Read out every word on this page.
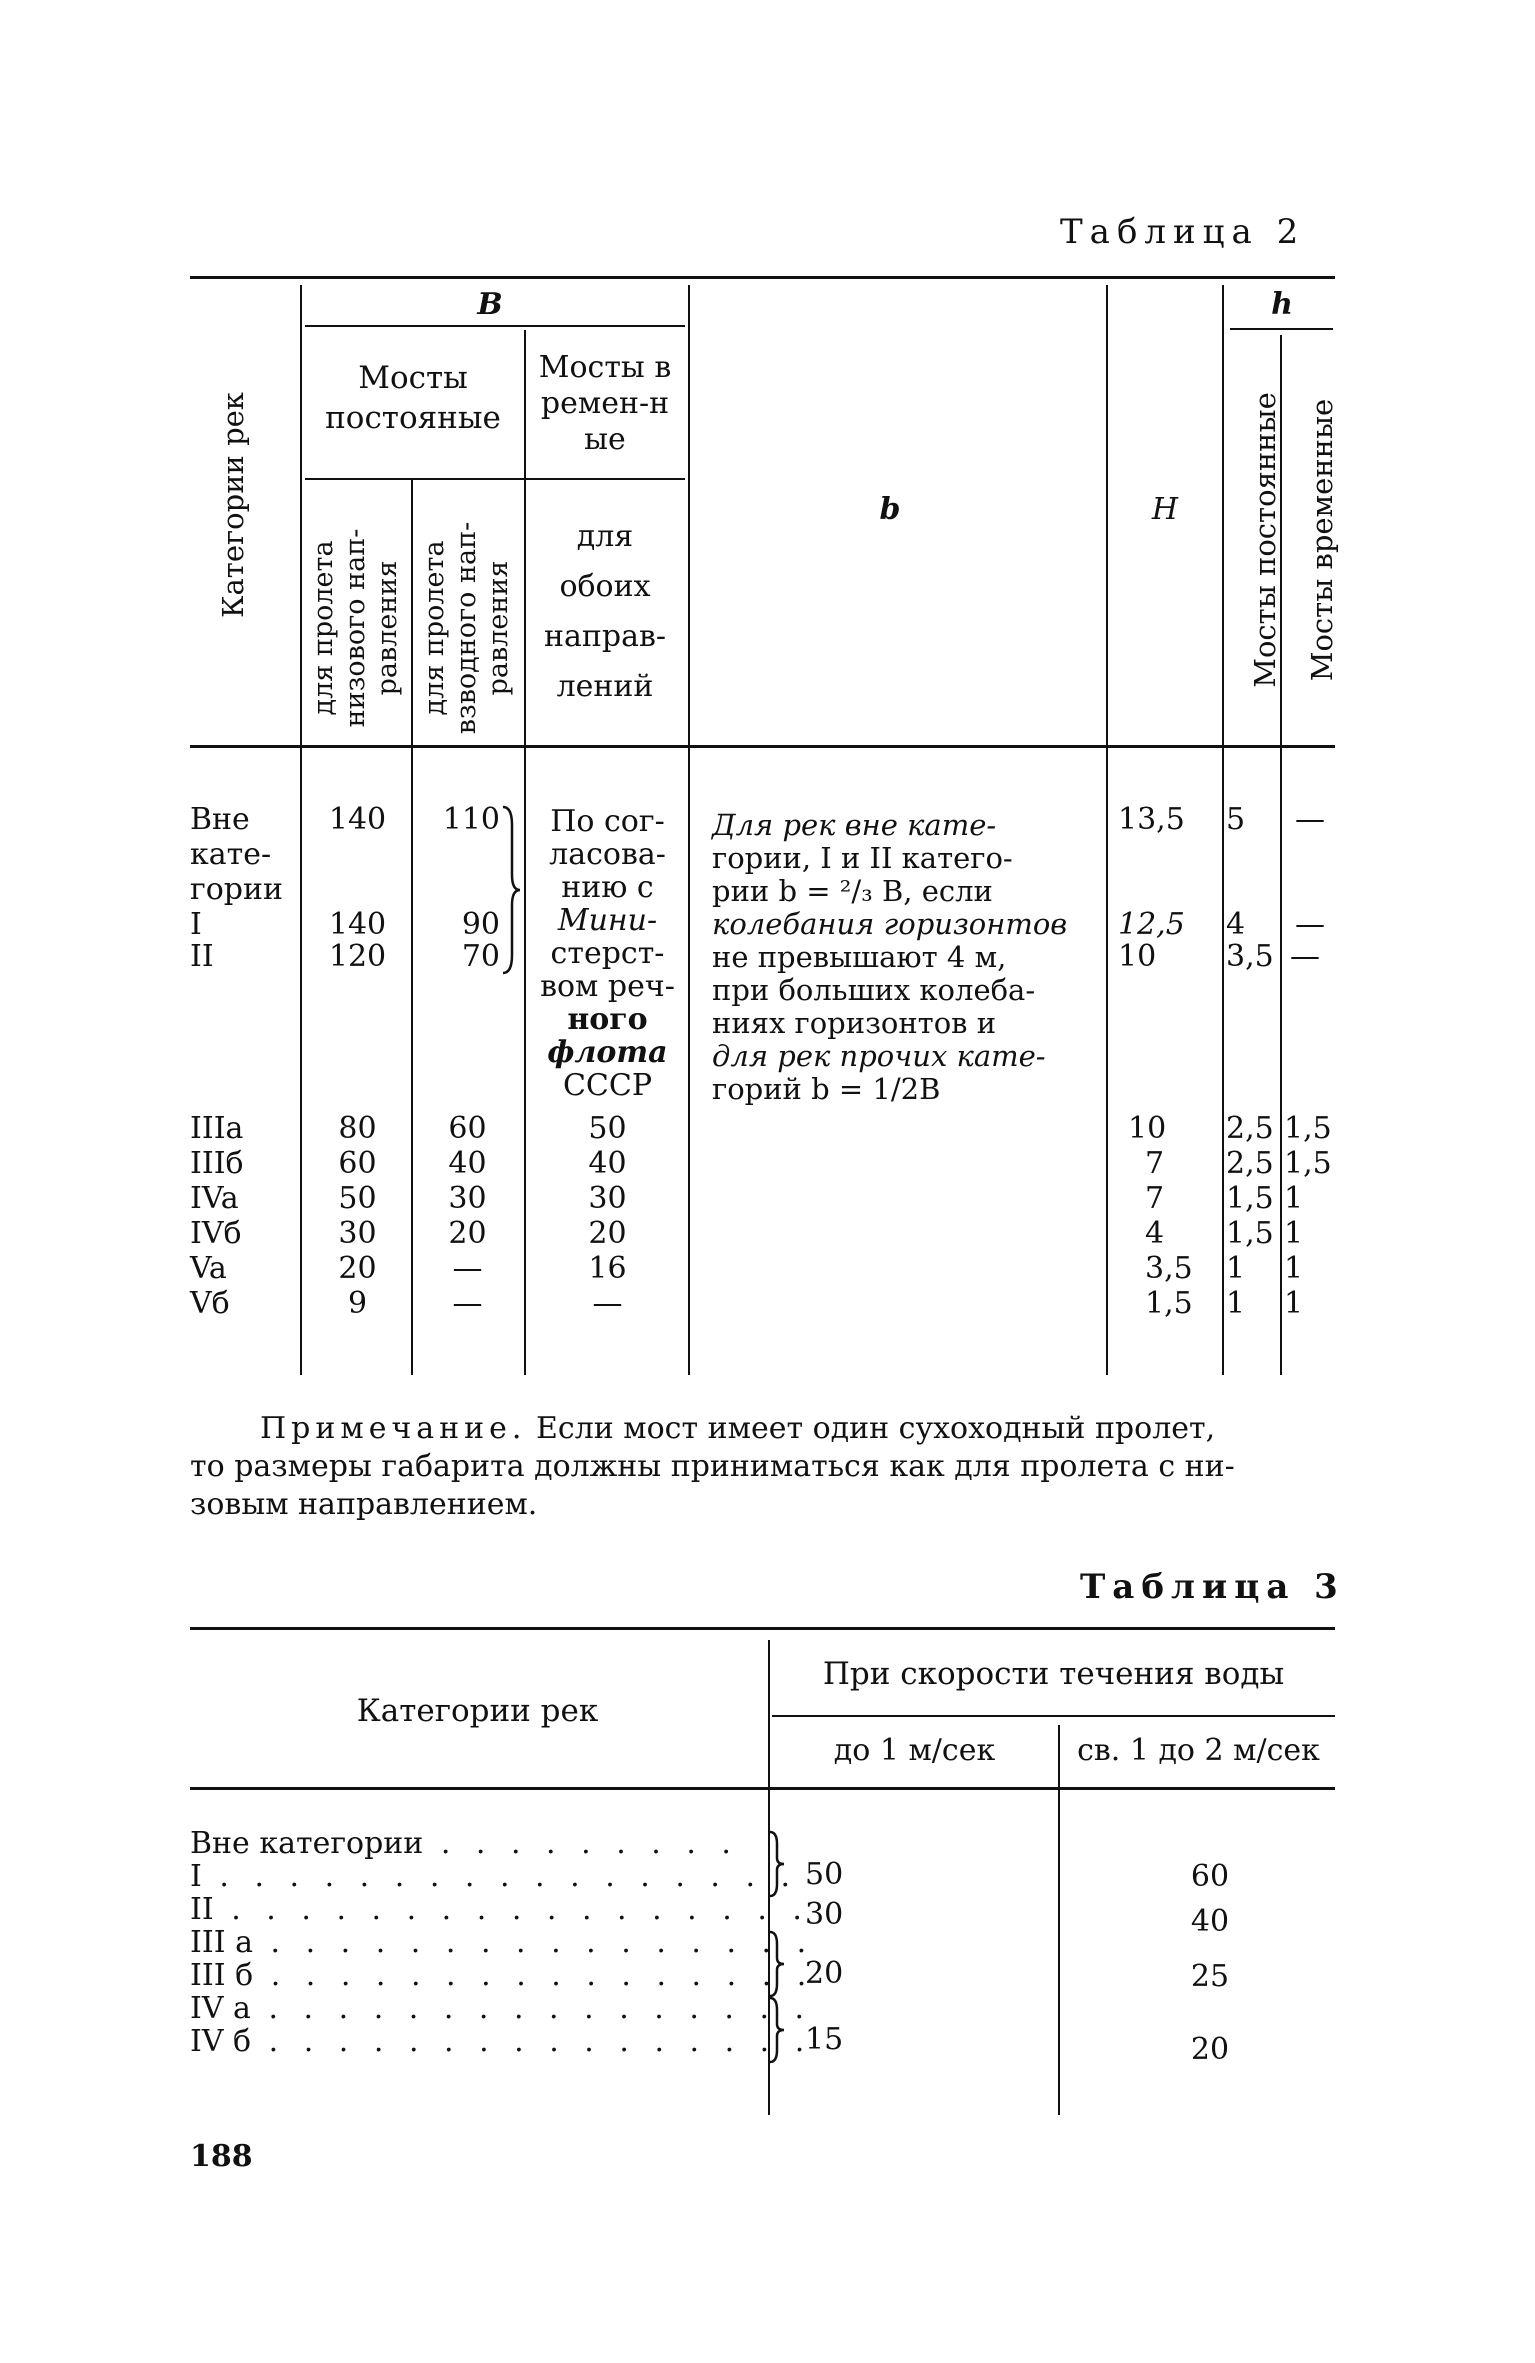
Таблица 2
Категории рек
B
Мосты постояные
Мосты времен-ные
для пролета низового нап-равления для пролета взводного нап-равления
для
обоих
направ-
лений
b	H
h
Мосты постоянные Мосты временные
Вне
кате-
гории
I
II
IIIa
IIIб
IVa
IVб
Va
Vб
140
140
120
80
60
50
30
20
9
110
90
70
60
40
30
20
—
—
По сог-
ласова-
нию с
Мини-
стерст-
вом реч-
ного
флота
СССР
50
40
30
20
16
—
Для рек вне кате-
гории, I и II катего-
рии b = ²/₃ B, если
колебания горизонтов
не превышают 4 м,
при больших колеба-
ниях горизонтов и
для рек прочих кате-
горий b = 1/2B
13,5
12,5
10
10
7
7
4
3,5
1,5
5
4
3,5
2,5
2,5
1,5
1,5
1
1
—
—
—
1,5
1,5
1
1
1
1
Примечание. Если мост имеет один сухоходный пролет,
то размеры габарита должны приниматься как для пролета с ни-
зовым направлением.
Таблица 3
Категории рек
При скорости течения воды
до 1 м/сек	св. 1 до 2 м/сек
Вне категории . . . . . . . . .
I . . . . . . . . . . . . . . . . .
II . . . . . . . . . . . . . . . . .
III а . . . . . . . . . . . . . . . .
III б . . . . . . . . . . . . . . . .
IV а . . . . . . . . . . . . . . . .
IV б . . . . . . . . . . . . . . . .
50
30
20
15
60
40
25
20
188
